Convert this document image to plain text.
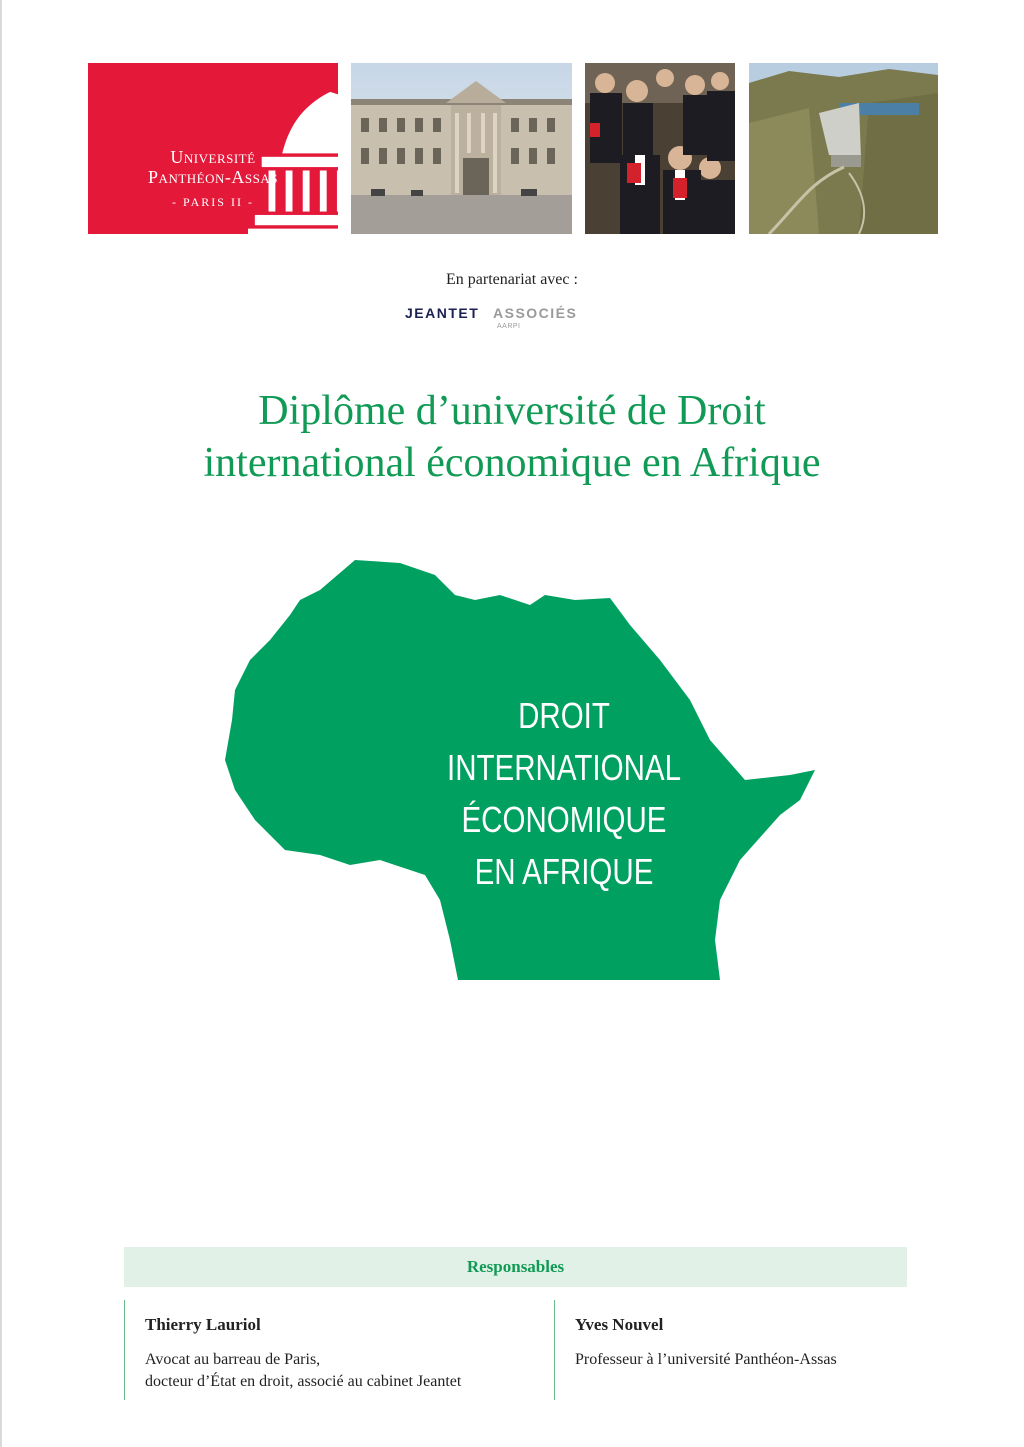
Université
Panthéon-Assas
- PARIS II -
En partenariat avec :
JEANTET ASSOCIÉS
AARPI
Diplôme d’université de Droit
international économique en Afrique
DROIT
INTERNATIONAL
ÉCONOMIQUE
EN AFRIQUE
Responsables
Thierry Lauriol
Avocat au barreau de Paris,
docteur d’État en droit, associé au cabinet Jeantet
Yves Nouvel
Professeur à l’université Panthéon-Assas
